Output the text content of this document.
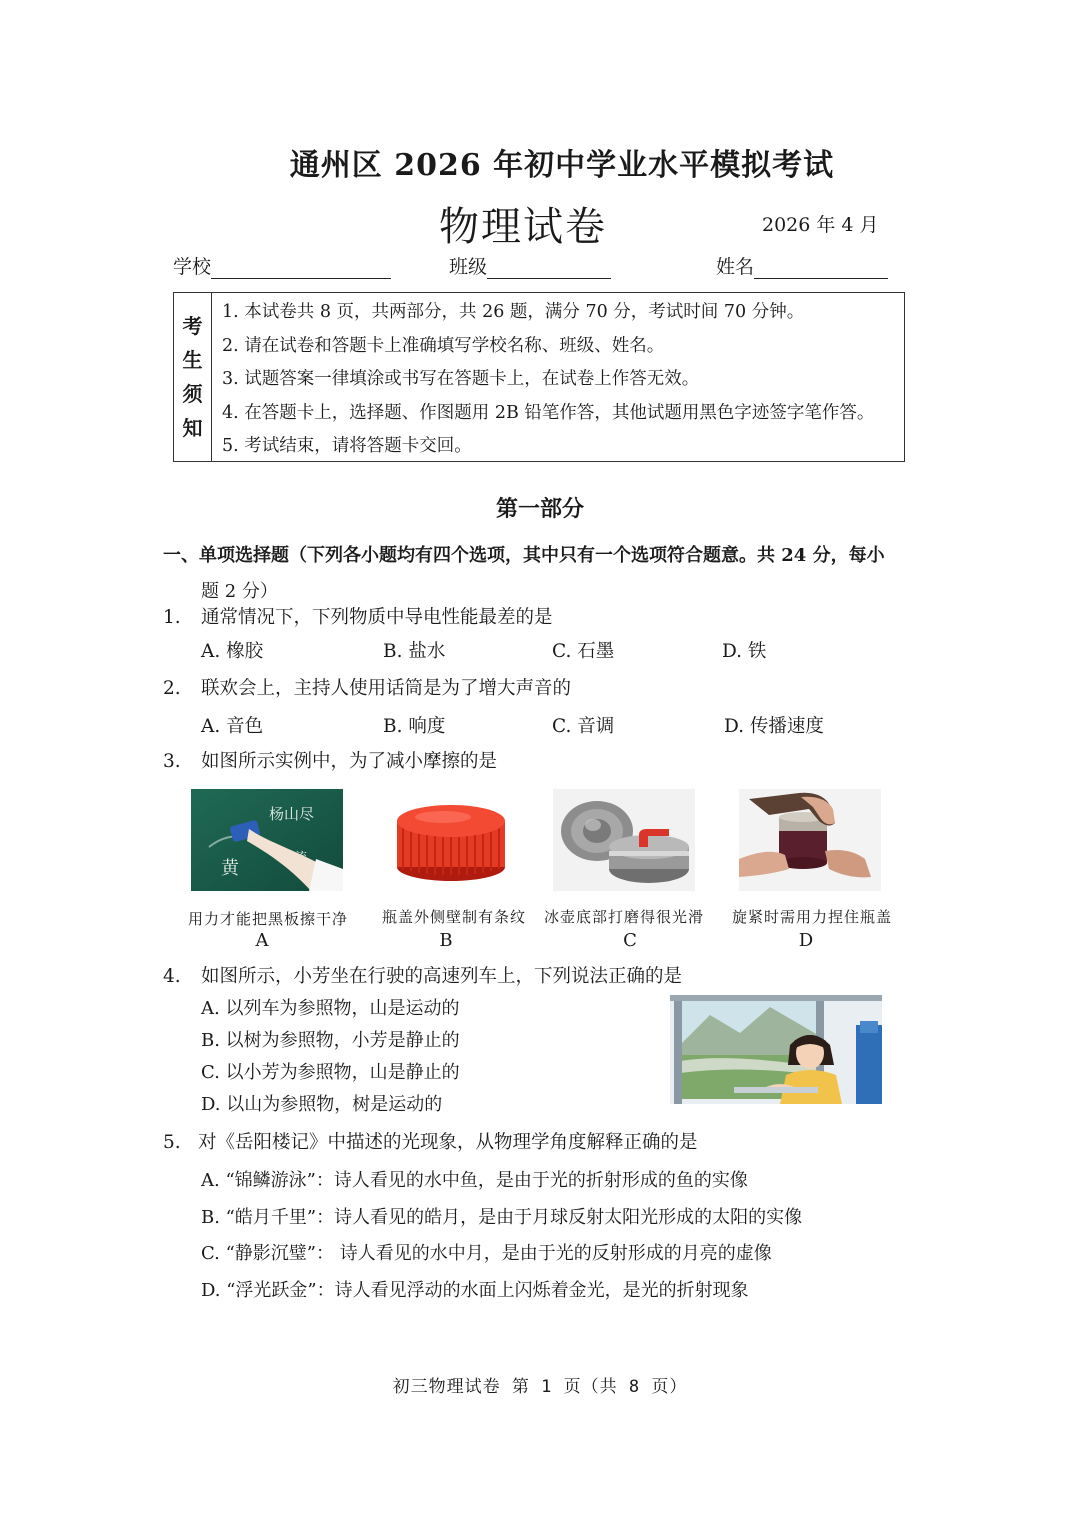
通州区 2026 年初中学业水平模拟考试
物理试卷	2026 年 4 月
学校	班级	姓名
考
生
须
知
1. 本试卷共 8 页，共两部分，共 26 题，满分 70 分，考试时间 70 分钟。
2. 请在试卷和答题卡上准确填写学校名称、班级、姓名。
3. 试题答案一律填涂或书写在答题卡上，在试卷上作答无效。
4. 在答题卡上，选择题、作图题用 2B 铅笔作答，其他试题用黑色字迹签字笔作答。
5. 考试结束，请将答题卡交回。
第一部分
一、单项选择题（下列各小题均有四个选项，其中只有一个选项符合题意。共 24 分，每小
题 2 分）
1. 通常情况下，下列物质中导电性能最差的是
A. 橡胶	B. 盐水	C. 石墨	D. 铁
2. 联欢会上，主持人使用话筒是为了增大声音的
A. 音色	B. 响度	C. 音调	D. 传播速度
3. 如图所示实例中，为了减小摩擦的是
杨山尽
黄
用力才能把黑板擦干净
A
瓶盖外侧壁制有条纹
B
冰壶底部打磨得很光滑
C
旋紧时需用力捏住瓶盖
D
4. 如图所示，小芳坐在行驶的高速列车上，下列说法正确的是
A. 以列车为参照物，山是运动的
B. 以树为参照物，小芳是静止的
C. 以小芳为参照物，山是静止的
D. 以山为参照物，树是运动的
5. 对《岳阳楼记》中描述的光现象，从物理学角度解释正确的是
A. “锦鳞游泳”：诗人看见的水中鱼，是由于光的折射形成的鱼的实像
B. “皓月千里”：诗人看见的皓月，是由于月球反射太阳光形成的太阳的实像
C. “静影沉璧”： 诗人看见的水中月，是由于光的反射形成的月亮的虚像
D. “浮光跃金”：诗人看见浮动的水面上闪烁着金光，是光的折射现象
初三物理试卷 第 1 页（共 8 页）
